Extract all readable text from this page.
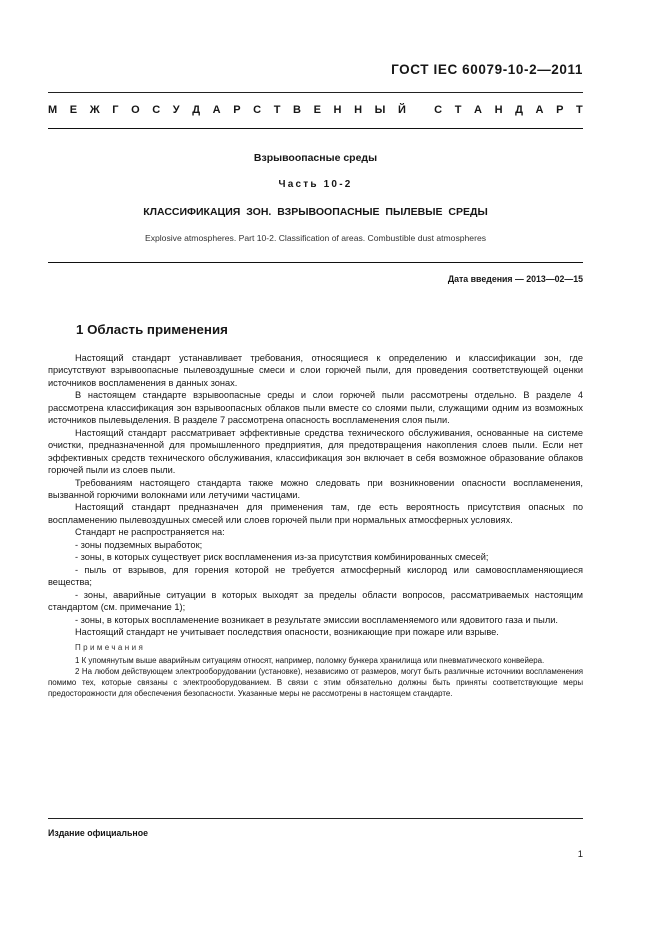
ГОСТ IEC 60079-10-2—2011
М Е Ж Г О С У Д А Р С Т В Е Н Н Ы Й
	С Т А Н Д А Р Т
Взрывоопасные среды
Часть 10-2
КЛАССИФИКАЦИЯ ЗОН. ВЗРЫВООПАСНЫЕ ПЫЛЕВЫЕ СРЕДЫ
Explosive atmospheres. Part 10-2. Classification of areas. Combustible dust atmospheres
Дата введения — 2013—02—15
1 Область применения

Настоящий стандарт устанавливает требования, относящиеся к определению и классификации зон, где присутствуют взрывоопасные пылевоздушные смеси и слои горючей пыли, для проведения соответствующей оценки источников воспламенения в данных зонах.

В настоящем стандарте взрывоопасные среды и слои горючей пыли рассмотрены отдельно. В разделе 4 рассмотрена классификация зон взрывоопасных облаков пыли вместе со слоями пыли, служащими одним из возможных источников пылевыделения. В разделе 7 рассмотрена опасность воспламенения слоя пыли.

Настоящий стандарт рассматривает эффективные средства технического обслуживания, основанные на системе очистки, предназначенной для промышленного предприятия, для предотвращения накопления слоев пыли. Если нет эффективных средств технического обслуживания, классификация зон включает в себя возможное образование облаков горючей пыли из слоев пыли.

Требованиям настоящего стандарта также можно следовать при возникновении опасности воспламенения, вызванной горючими волокнами или летучими частицами.

Настоящий стандарт предназначен для применения там, где есть вероятность присутствия опасных по воспламенению пылевоздушных смесей или слоев горючей пыли при нормальных атмосферных условиях.

Стандарт не распространяется на:

- зоны подземных выработок;

- зоны, в которых существует риск воспламенения из-за присутствия комбинированных смесей;

- пыль от взрывов, для горения которой не требуется атмосферный кислород или самовоспламеняющиеся вещества;

- зоны, аварийные ситуации в которых выходят за пределы области вопросов, рассматриваемых настоящим стандартом (см. примечание 1);

- зоны, в которых воспламенение возникает в результате эмиссии воспламеняемого или ядовитого газа и пыли.

Настоящий стандарт не учитывает последствия опасности, возникающие при пожаре или взрыве.

Примечания

1 К упомянутым выше аварийным ситуациям относят, например, поломку бункера хранилища или пневматического конвейера.

2 На любом действующем электрооборудовании (установке), независимо от размеров, могут быть различные источники воспламенения помимо тех, которые связаны с электрооборудованием. В связи с этим обязательно должны быть приняты соответствующие меры предосторожности для обеспечения безопасности. Указанные меры не рассмотрены в настоящем стандарте.

Издание официальное
1
